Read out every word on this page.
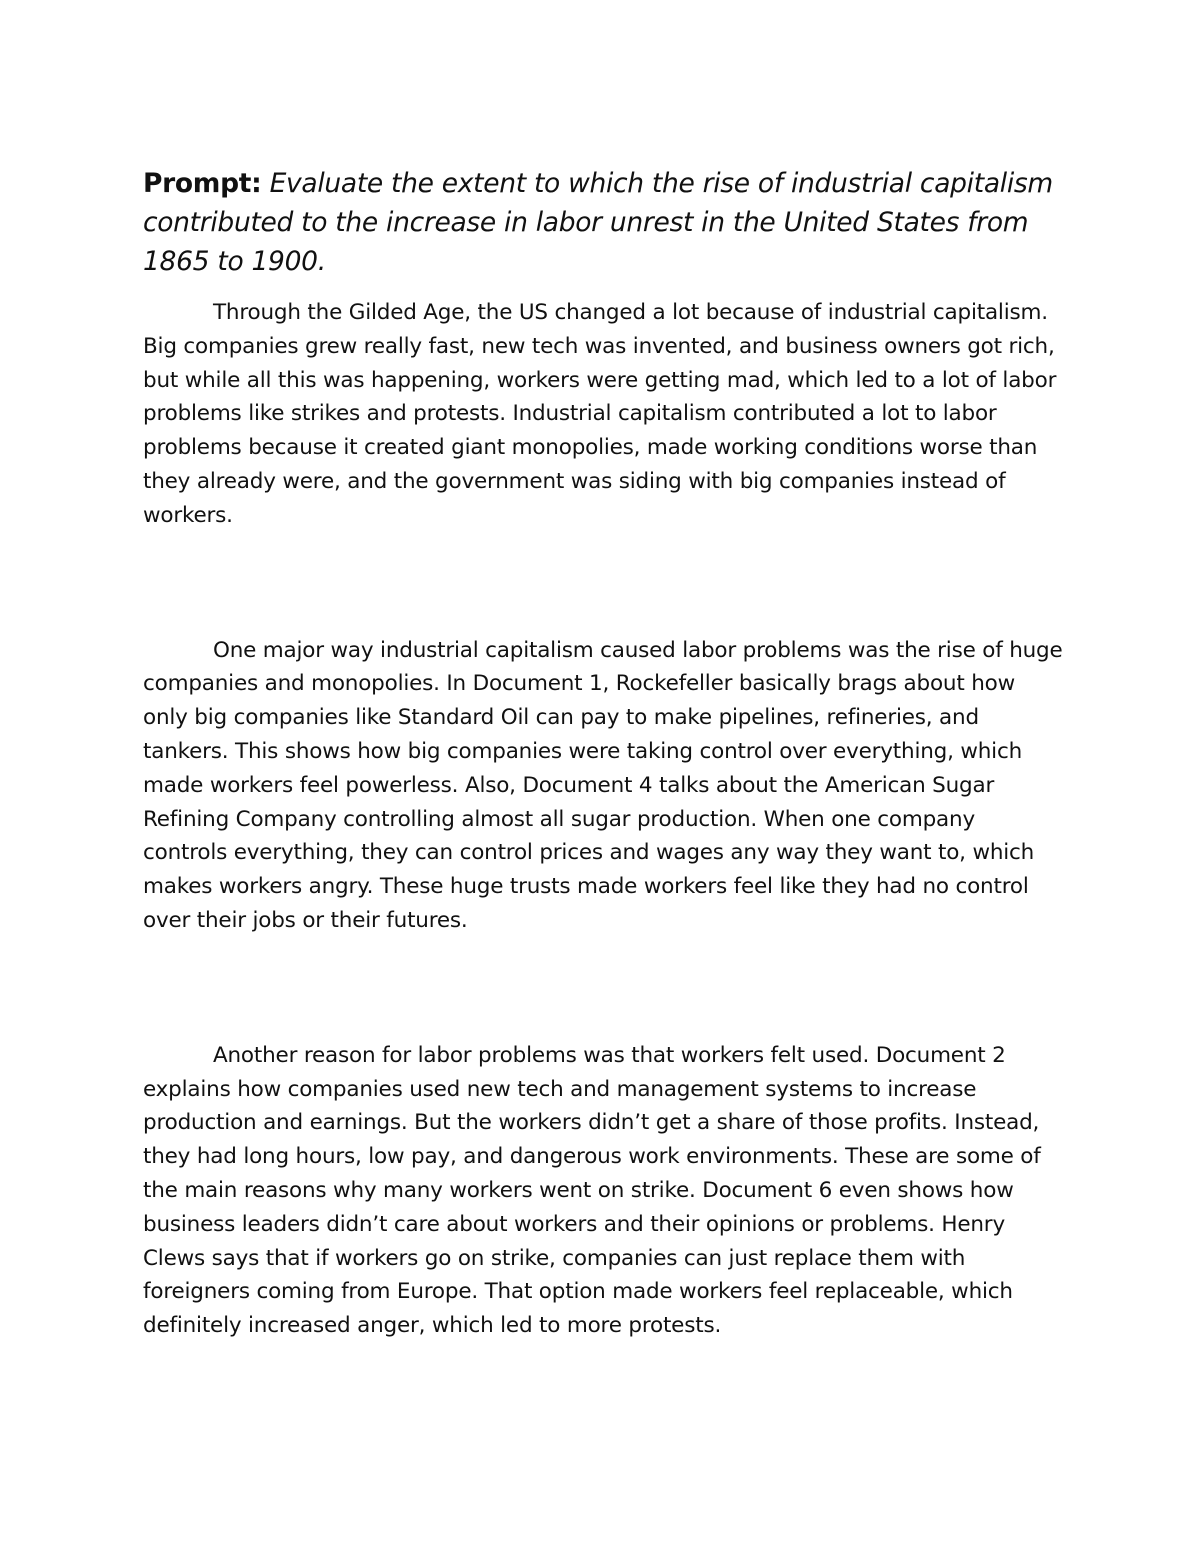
Prompt: Evaluate the extent to which the rise of industrial capitalism contributed to the increase in labor unrest in the United States from 1865 to 1900.

Through the Gilded Age, the US changed a lot because of industrial capitalism. Big companies grew really fast, new tech was invented, and business owners got rich, but while all this was happening, workers were getting mad, which led to a lot of labor problems like strikes and protests. Industrial capitalism contributed a lot to labor problems because it created giant monopolies, made working conditions worse than they already were, and the government was siding with big companies instead of workers.

One major way industrial capitalism caused labor problems was the rise of huge companies and monopolies. In Document 1, Rockefeller basically brags about how only big companies like Standard Oil can pay to make pipelines, refineries, and tankers. This shows how big companies were taking control over everything, which made workers feel powerless. Also, Document 4 talks about the American Sugar Refining Company controlling almost all sugar production. When one company controls everything, they can control prices and wages any way they want to, which makes workers angry. These huge trusts made workers feel like they had no control over their jobs or their futures.

Another reason for labor problems was that workers felt used. Document 2 explains how companies used new tech and management systems to increase production and earnings. But the workers didn’t get a share of those profits. Instead, they had long hours, low pay, and dangerous work environments. These are some of the main reasons why many workers went on strike. Document 6 even shows how business leaders didn’t care about workers and their opinions or problems. Henry Clews says that if workers go on strike, companies can just replace them with foreigners coming from Europe. That option made workers feel replaceable, which definitely increased anger, which led to more protests.
